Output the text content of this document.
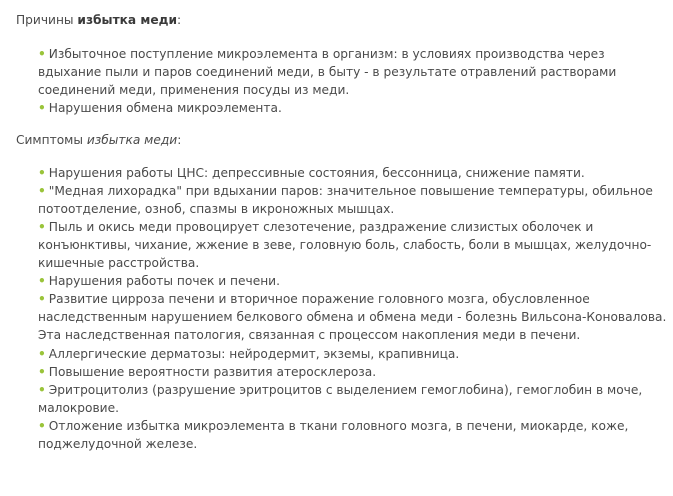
Причины избытка меди:

• Избыточное поступление микроэлемента в организм: в условиях производства через вдыхание пыли и паров соединений меди, в быту - в результате отравлений растворами соединений меди, применения посуды из меди.
• Нарушения обмена микроэлемента.

Симптомы избытка меди:

• Нарушения работы ЦНС: депрессивные состояния, бессонница, снижение памяти.
• "Медная лихорадка" при вдыхании паров: значительное повышение температуры, обильное потоотделение, озноб, спазмы в икроножных мышцах.
• Пыль и окись меди провоцирует слезотечение, раздражение слизистых оболочек и конъюнктивы, чихание, жжение в зеве, головную боль, слабость, боли в мышцах, желудочно-кишечные расстройства.
• Нарушения работы почек и печени.
• Развитие цирроза печени и вторичное поражение головного мозга, обусловленное наследственным нарушением белкового обмена и обмена меди - болезнь Вильсона-Коновалова. Эта наследственная патология, связанная с процессом накопления меди в печени.
• Аллергические дерматозы: нейродермит, экземы, крапивница.
• Повышение вероятности развития атеросклероза.
• Эритроцитолиз (разрушение эритроцитов с выделением гемоглобина), гемоглобин в моче, малокровие.
• Отложение избытка микроэлемента в ткани головного мозга, в печени, миокарде, коже, поджелудочной железе.
